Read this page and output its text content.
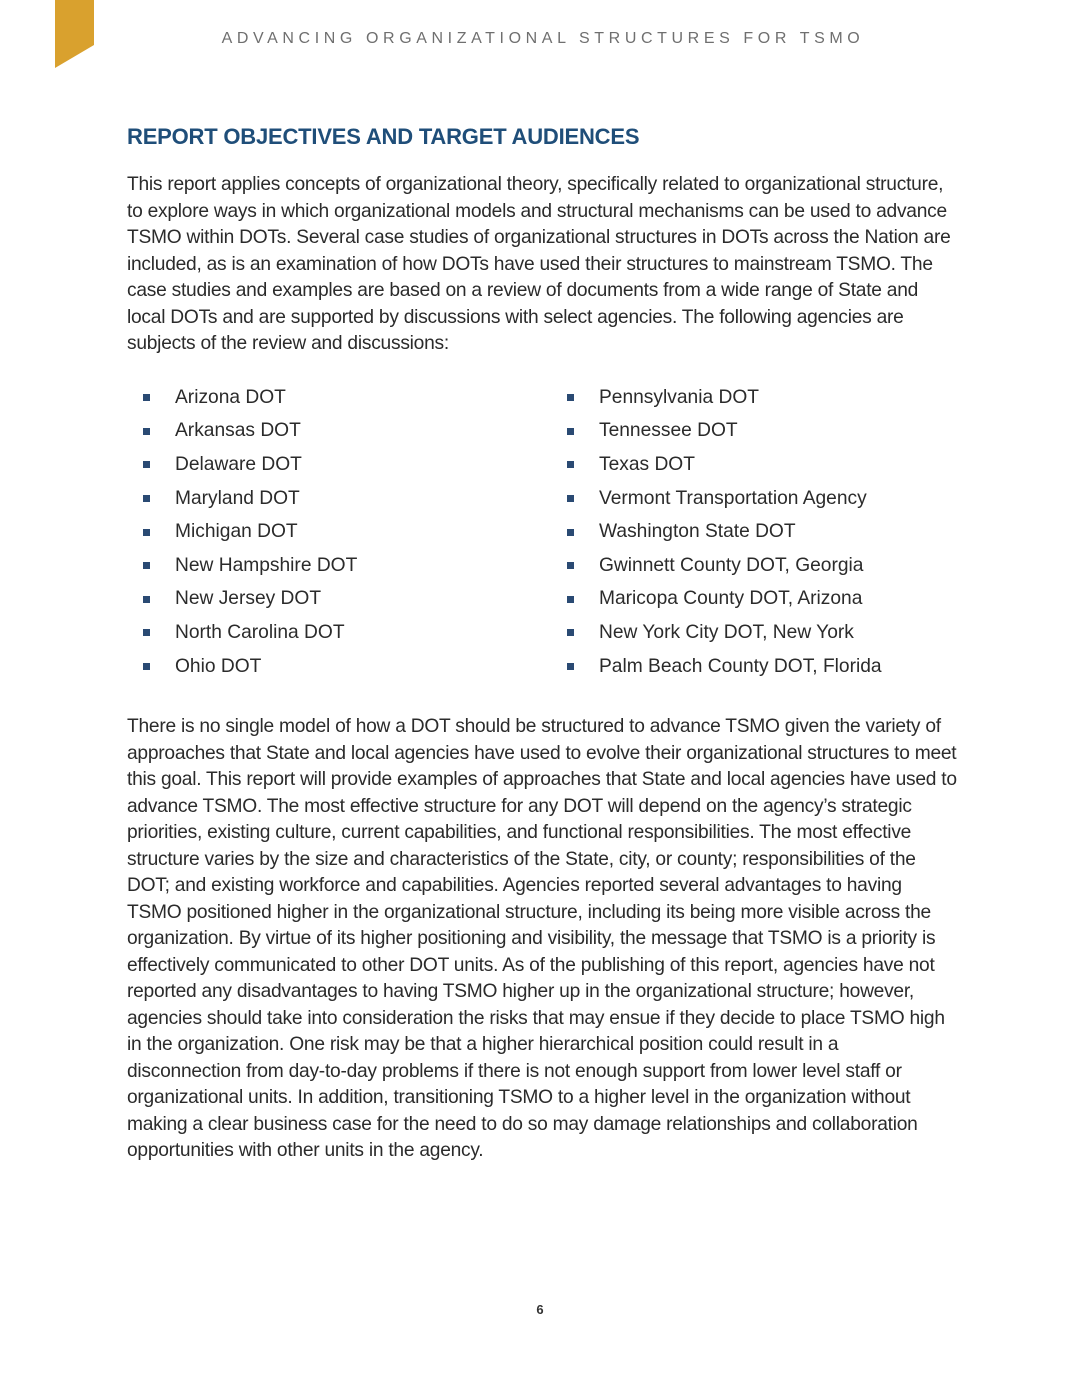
ADVANCING ORGANIZATIONAL STRUCTURES FOR TSMO
REPORT OBJECTIVES AND TARGET AUDIENCES

This report applies concepts of organizational theory, specifically related to organizational structure, to explore ways in which organizational models and structural mechanisms can be used to advance TSMO within DOTs. Several case studies of organizational structures in DOTs across the Nation are included, as is an examination of how DOTs have used their structures to mainstream TSMO. The case studies and examples are based on a review of documents from a wide range of State and local DOTs and are supported by discussions with select agencies. The following agencies are subjects of the review and discussions:

Arizona DOT
Arkansas DOT
Delaware DOT
Maryland DOT
Michigan DOT
New Hampshire DOT
New Jersey DOT
North Carolina DOT
Ohio DOT
Pennsylvania DOT
Tennessee DOT
Texas DOT
Vermont Transportation Agency
Washington State DOT
Gwinnett County DOT, Georgia
Maricopa County DOT, Arizona
New York City DOT, New York
Palm Beach County DOT, Florida

There is no single model of how a DOT should be structured to advance TSMO given the variety of approaches that State and local agencies have used to evolve their organizational structures to meet this goal. This report will provide examples of approaches that State and local agencies have used to advance TSMO. The most effective structure for any DOT will depend on the agency’s strategic priorities, existing culture, current capabilities, and functional responsibilities. The most effective structure varies by the size and characteristics of the State, city, or county; responsibilities of the DOT; and existing workforce and capabilities. Agencies reported several advantages to having TSMO positioned higher in the organizational structure, including its being more visible across the organization. By virtue of its higher positioning and visibility, the message that TSMO is a priority is effectively communicated to other DOT units. As of the publishing of this report, agencies have not reported any disadvantages to having TSMO higher up in the organizational structure; however, agencies should take into consideration the risks that may ensue if they decide to place TSMO high in the organization. One risk may be that a higher hierarchical position could result in a disconnection from day-to-day problems if there is not enough support from lower level staff or organizational units. In addition, transitioning TSMO to a higher level in the organization without making a clear business case for the need to do so may damage relationships and collaboration opportunities with other units in the agency.

6
